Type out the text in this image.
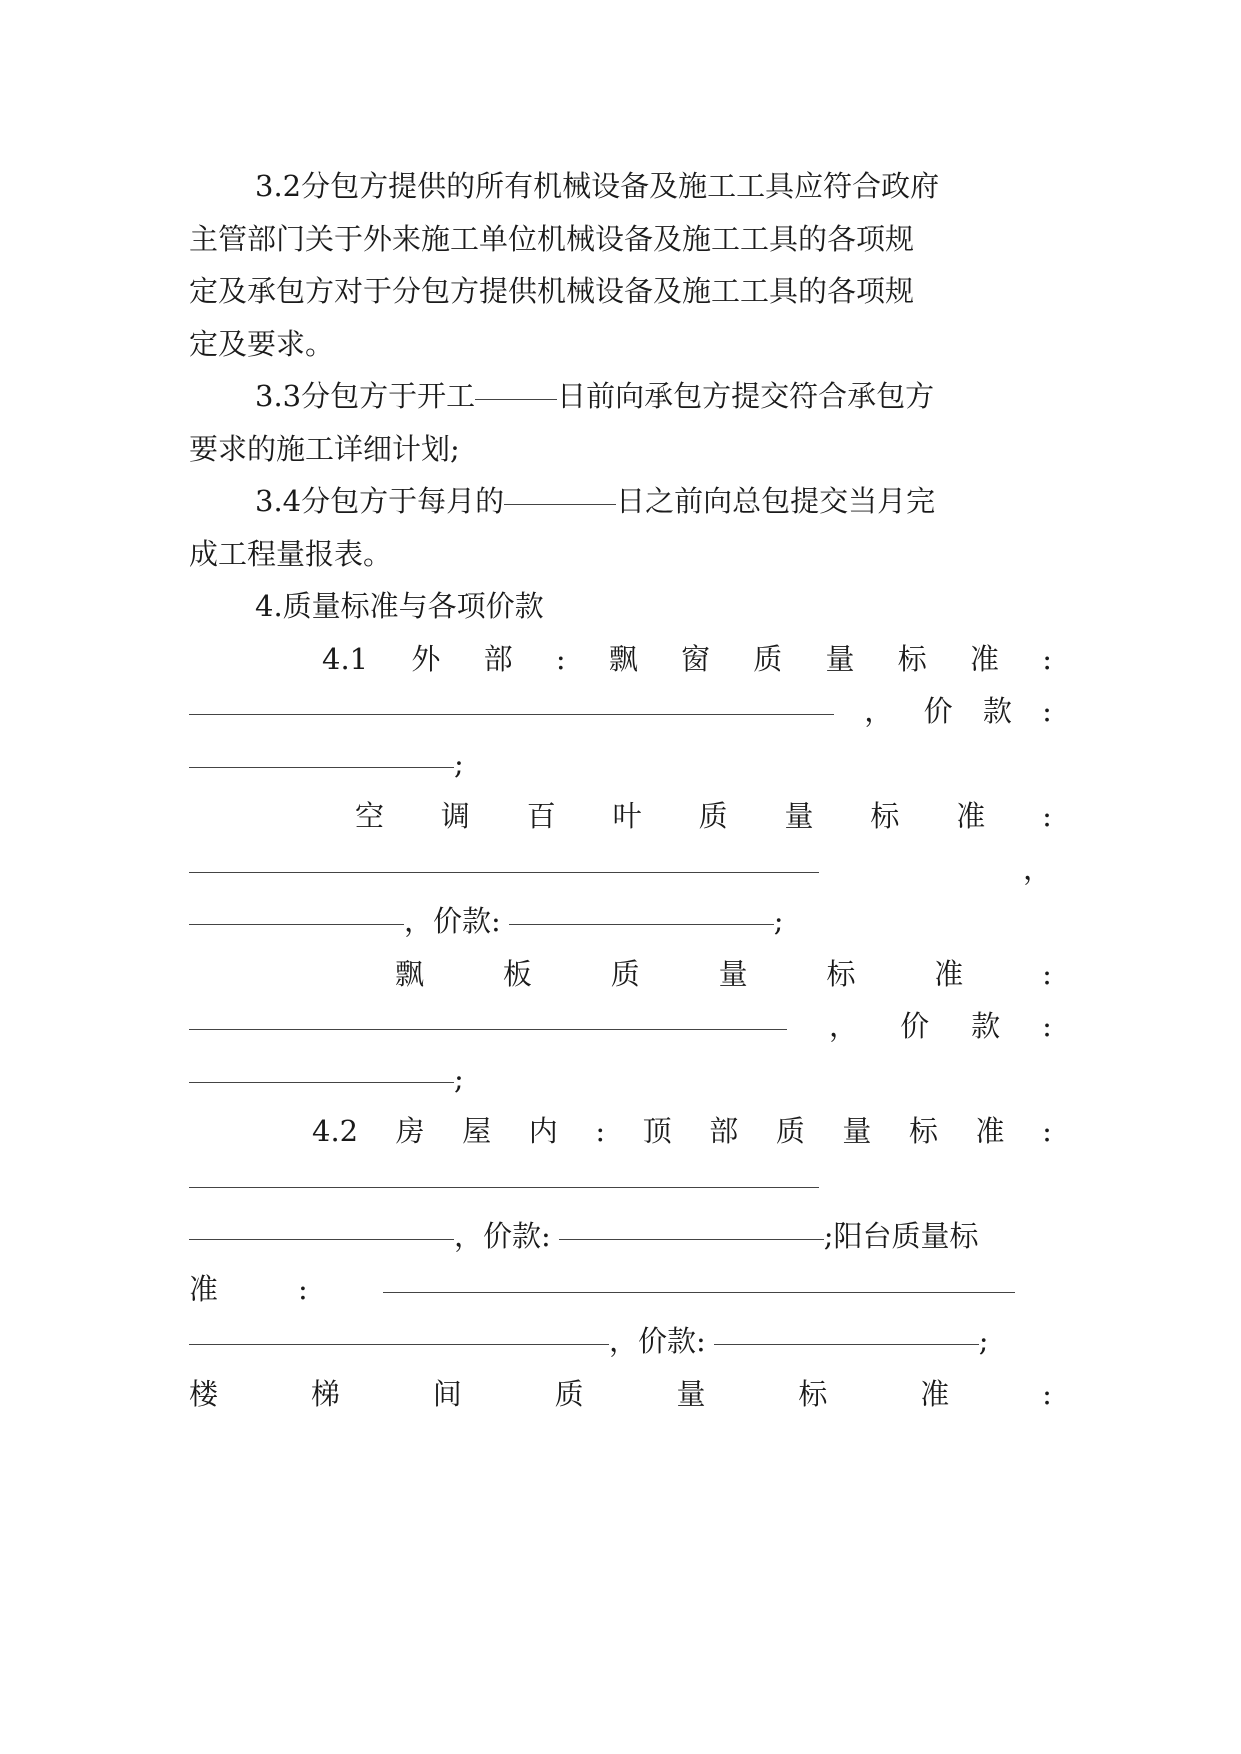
3.2分包方提供的所有机械设备及施工工具应符合政府
主管部门关于外来施工单位机械设备及施工工具的各项规
定及承包方对于分包方提供机械设备及施工工具的各项规
定及要求。
3.3分包方于开工	日前向承包方提交符合承包方
要求的施工详细计划;
3.4分包方于每月的	日之前向总包提交当月完
成工程量报表。
4.质量标准与各项价款
4.1 外 部 : 飘 窗 质 量 标 准 :
， 价 款 :
;
空 调 百 叶 质 量 标 准 :
，
，价款:	;
飘	板	质	量	标	准	:
， 价 款 :
;
4.2 房 屋 内 : 顶 部 质 量 标 准 :
，价款:	;阳台质量标
准	:
，价款:	;
楼	梯	间	质	量	标	准	:
